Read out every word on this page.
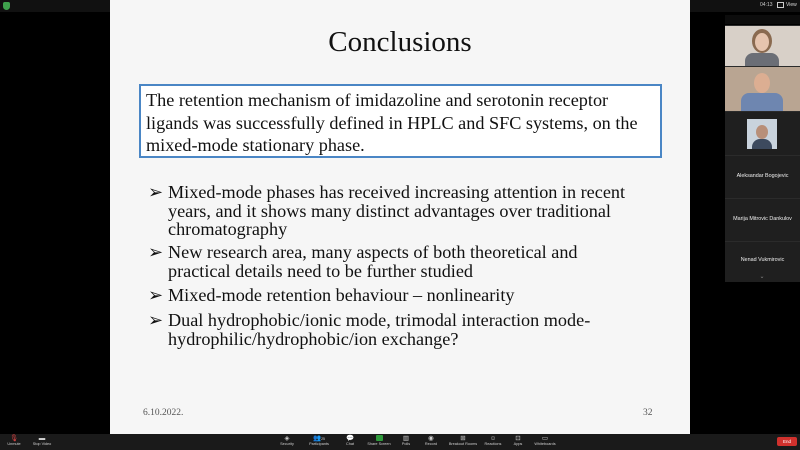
04:13	View
Conclusions
The retention mechanism of imidazoline and serotonin receptor ligands was successfully defined in HPLC and SFC systems, on the mixed-mode stationary phase.
➢ Mixed-mode phases has received increasing attention in recent years, and it shows many distinct advantages over traditional chromatography
➢ New research area, many aspects of both theoretical and practical details need to be further studied
➢ Mixed-mode retention behaviour – nonlinearity
➢ Dual hydrophobic/ionic mode, trimodal interaction mode-hydrophilic/hydrophobic/ion exchange?
6.10.2022.	32
Aleksandar Bogojevic
Marija Mitrovic Dankulov
Nenad Vukmirovic
⌄
🎙
Unmute
▬
Stop Video
◈
Security
👥25
Participants
💬
Chat	Share Screen
▥
Polls
◉
Record
⊞
Breakout Rooms
☺
Reactions
⊡
Apps
▭
Whiteboards	End
